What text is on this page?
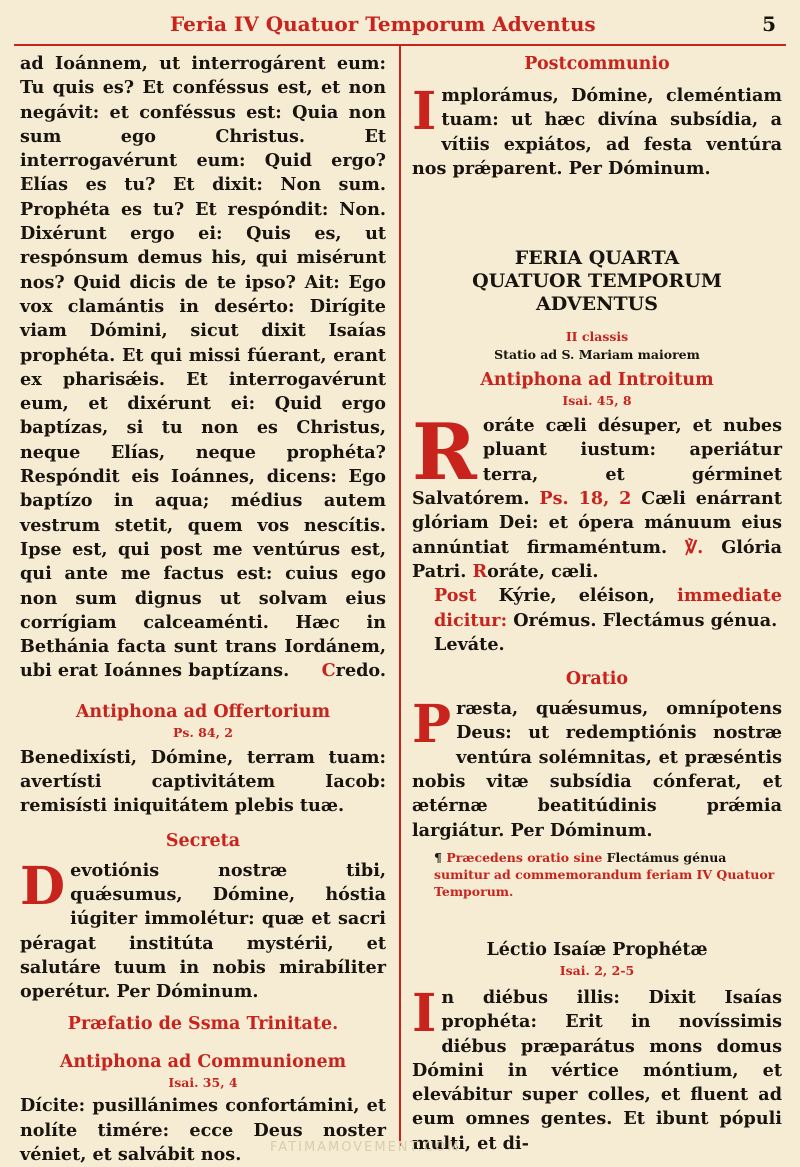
Feria IV Quatuor Temporum Adventus	5

ad Ioánnem, ut interrogárent eum: Tu quis es? Et conféssus est, et non negávit: et conféssus est: Quia non sum ego Christus. Et interrogavérunt eum: Quid ergo? Elías es tu? Et dixit: Non sum. Prophéta es tu? Et respóndit: Non. Dixérunt ergo ei: Quis es, ut respónsum demus his, qui misérunt nos? Quid dicis de te ipso? Ait: Ego vox clamántis in desérto: Dirígite viam Dómini, sicut dixit Isaías prophéta. Et qui missi fúerant, erant ex pharisǽis. Et interrogavérunt eum, et dixérunt ei: Quid ergo baptízas, si tu non es Christus, neque Elías, neque prophéta? Respóndit eis Ioánnes, dicens: Ego baptízo in aqua; médius autem vestrum stetit, quem vos nescítis. Ipse est, qui post me ventúrus est, qui ante me factus est: cuius ego non sum dignus ut solvam eius corrígiam calceaménti. Hæc in Bethánia facta sunt trans Iordánem, ubi erat Ioánnes baptízans. Credo.

Antiphona ad Offertorium
Ps. 84, 2

Benedixísti, Dómine, terram tuam: avertísti captivitátem Iacob: remisísti iniquitátem plebis tuæ.

Secreta

Devotiónis nostræ tibi, quǽsumus, Dómine, hóstia iúgiter immolétur: quæ et sacri péragat institúta mystérii, et salutáre tuum in nobis mirabíliter operétur. Per Dóminum.

Præfatio de Ssma Trinitate.
Antiphona ad Communionem
Isai. 35, 4

Dícite: pusillánimes confortámini, et nolíte timére: ecce Deus noster véniet, et salvábit nos.

Postcommunio

Implorámus, Dómine, cleméntiam tuam: ut hæc divína subsídia, a vítiis expiátos, ad festa ventúra nos prǽparent. Per Dóminum.

FERIA QUARTA
QUATUOR TEMPORUM
ADVENTUS
II classis
Statio ad S. Mariam maiorem
Antiphona ad Introitum
Isai. 45, 8

Roráte cæli désuper, et nubes pluant iustum: aperiátur terra, et gérminet Salvatórem. Ps. 18, 2 Cæli enárrant glóriam Dei: et ópera mánuum eius annúntiat firmaméntum. ℣. Glória Patri. Roráte, cæli.

Post Kýrie, eléison, immediate dicitur: Orémus. Flectámus génua.

Leváte.

Oratio

Præsta, quǽsumus, omnípotens Deus: ut redemptiónis nostræ ventúra solémnitas, et præséntis nobis vitæ subsídia cónferat, et ætérnæ beatitúdinis prǽmia largiátur. Per Dóminum.

¶ Præcedens oratio sine Flectámus génua sumitur ad commemorandum feriam IV Quatuor Temporum.

Léctio Isaíæ Prophétæ
Isai. 2, 2-5

In diébus illis: Dixit Isaías prophéta: Erit in novíssimis diébus præparátus mons domus Dómini in vértice móntium, et elevábitur super colles, et fluent ad eum omnes gentes. Et ibunt pópuli multi, et di-

FATIMAMOVEMENT.COM
